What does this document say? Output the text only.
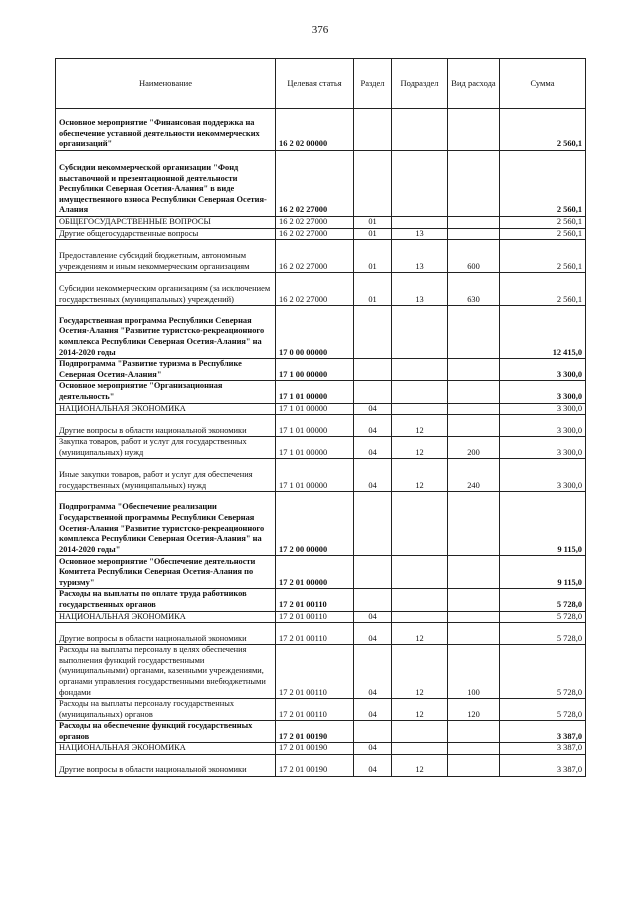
376
Наименование	Целевая статья	Раздел	Подраздел	Вид расхода	Сумма
Основное мероприятие "Финансовая поддержка на обеспечение уставной деятельности некоммерческих организаций"	16 2 02 00000				2 560,1
Субсидии некоммерческой организации "Фонд выставочной и презентационной деятельности Республики Северная Осетия-Алания" в виде имущественного взноса Республики Северная Осетия-Алания	16 2 02 27000				2 560,1
ОБЩЕГОСУДАРСТВЕННЫЕ ВОПРОСЫ	16 2 02 27000	01			2 560,1
Другие общегосударственные вопросы	16 2 02 27000	01	13		2 560,1
Предоставление субсидий бюджетным, автономным учреждениям и иным некоммерческим организациям	16 2 02 27000	01	13	600	2 560,1
Субсидии некоммерческим организациям (за исключением государственных (муниципальных) учреждений)	16 2 02 27000	01	13	630	2 560,1
Государственная программа Республики Северная Осетия-Алания "Развитие туристско-рекреационного комплекса Республики Северная Осетия-Алания" на 2014-2020 годы	17 0 00 00000				12 415,0
Подпрограмма "Развитие туризма в Республике Северная Осетия-Алания"	17 1 00 00000				3 300,0
Основное мероприятие "Организационная деятельность"	17 1 01 00000				3 300,0
НАЦИОНАЛЬНАЯ ЭКОНОМИКА	17 1 01 00000	04			3 300,0
Другие вопросы в области национальной экономики	17 1 01 00000	04	12		3 300,0
Закупка товаров, работ и услуг для государственных (муниципальных) нужд	17 1 01 00000	04	12	200	3 300,0
Иные закупки товаров, работ и услуг для обеспечения государственных (муниципальных) нужд	17 1 01 00000	04	12	240	3 300,0
Подпрограмма "Обеспечение реализации Государственной программы Республики Северная Осетия-Алания "Развитие туристско-рекреационного комплекса Республики Северная Осетия-Алания" на 2014-2020 годы"	17 2 00 00000				9 115,0
Основное мероприятие "Обеспечение деятельности Комитета Республики Северная Осетия-Алания по туризму"	17 2 01 00000				9 115,0
Расходы на выплаты по оплате труда работников государственных органов	17 2 01 00110				5 728,0
НАЦИОНАЛЬНАЯ ЭКОНОМИКА	17 2 01 00110	04			5 728,0
Другие вопросы в области национальной экономики	17 2 01 00110	04	12		5 728,0
Расходы на выплаты персоналу в целях обеспечения выполнения функций государственными (муниципальными) органами, казенными учреждениями, органами управления государственными внебюджетными фондами	17 2 01 00110	04	12	100	5 728,0
Расходы на выплаты персоналу государственных (муниципальных) органов	17 2 01 00110	04	12	120	5 728,0
Расходы на обеспечение функций государственных органов	17 2 01 00190				3 387,0
НАЦИОНАЛЬНАЯ ЭКОНОМИКА	17 2 01 00190	04			3 387,0
Другие вопросы в области национальной экономики	17 2 01 00190	04	12		3 387,0
